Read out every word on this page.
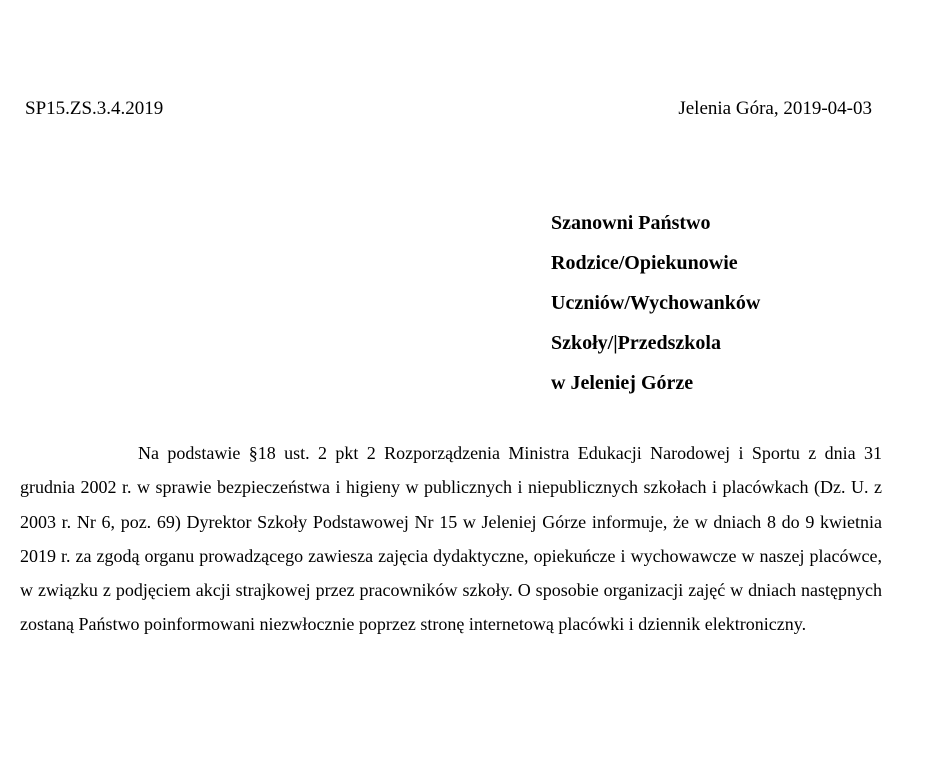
SP15.ZS.3.4.2019	Jelenia Góra, 2019-04-03
Szanowni Państwo
Rodzice/Opiekunowie
Uczniów/Wychowanków
Szkoły/|Przedszkola
w Jeleniej Górze

Na podstawie §18 ust. 2 pkt 2 Rozporządzenia Ministra Edukacji Narodowej i Sportu z dnia 31 grudnia 2002 r. w sprawie bezpieczeństwa i higieny w publicznych i niepublicznych szkołach i placówkach (Dz. U. z 2003 r. Nr 6, poz. 69) Dyrektor Szkoły Podstawowej Nr 15 w Jeleniej Górze informuje, że w dniach 8 do 9 kwietnia 2019 r. za zgodą organu prowadzącego zawiesza zajęcia dydaktyczne, opiekuńcze i wychowawcze w naszej placówce, w związku z podjęciem akcji strajkowej przez pracowników szkoły. O sposobie organizacji zajęć w dniach następnych zostaną Państwo poinformowani niezwłocznie poprzez stronę internetową placówki i dziennik elektroniczny.
